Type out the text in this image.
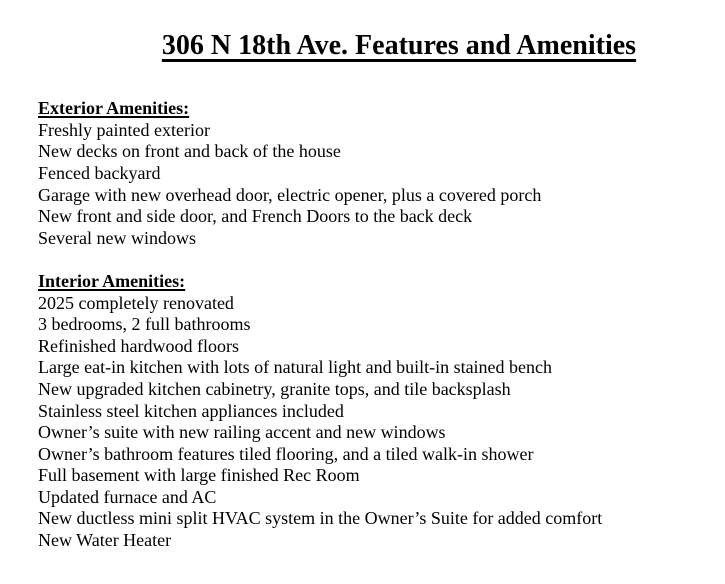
306 N 18th Ave. Features and Amenities
Exterior Amenities:
Freshly painted exterior
New decks on front and back of the house
Fenced backyard
Garage with new overhead door, electric opener, plus a covered porch
New front and side door, and French Doors to the back deck
Several new windows
Interior Amenities:
2025 completely renovated
3 bedrooms, 2 full bathrooms
Refinished hardwood floors
Large eat-in kitchen with lots of natural light and built-in stained bench
New upgraded kitchen cabinetry, granite tops, and tile backsplash
Stainless steel kitchen appliances included
Owner’s suite with new railing accent and new windows
Owner’s bathroom features tiled flooring, and a tiled walk-in shower
Full basement with large finished Rec Room
Updated furnace and AC
New ductless mini split HVAC system in the Owner’s Suite for added comfort
New Water Heater
